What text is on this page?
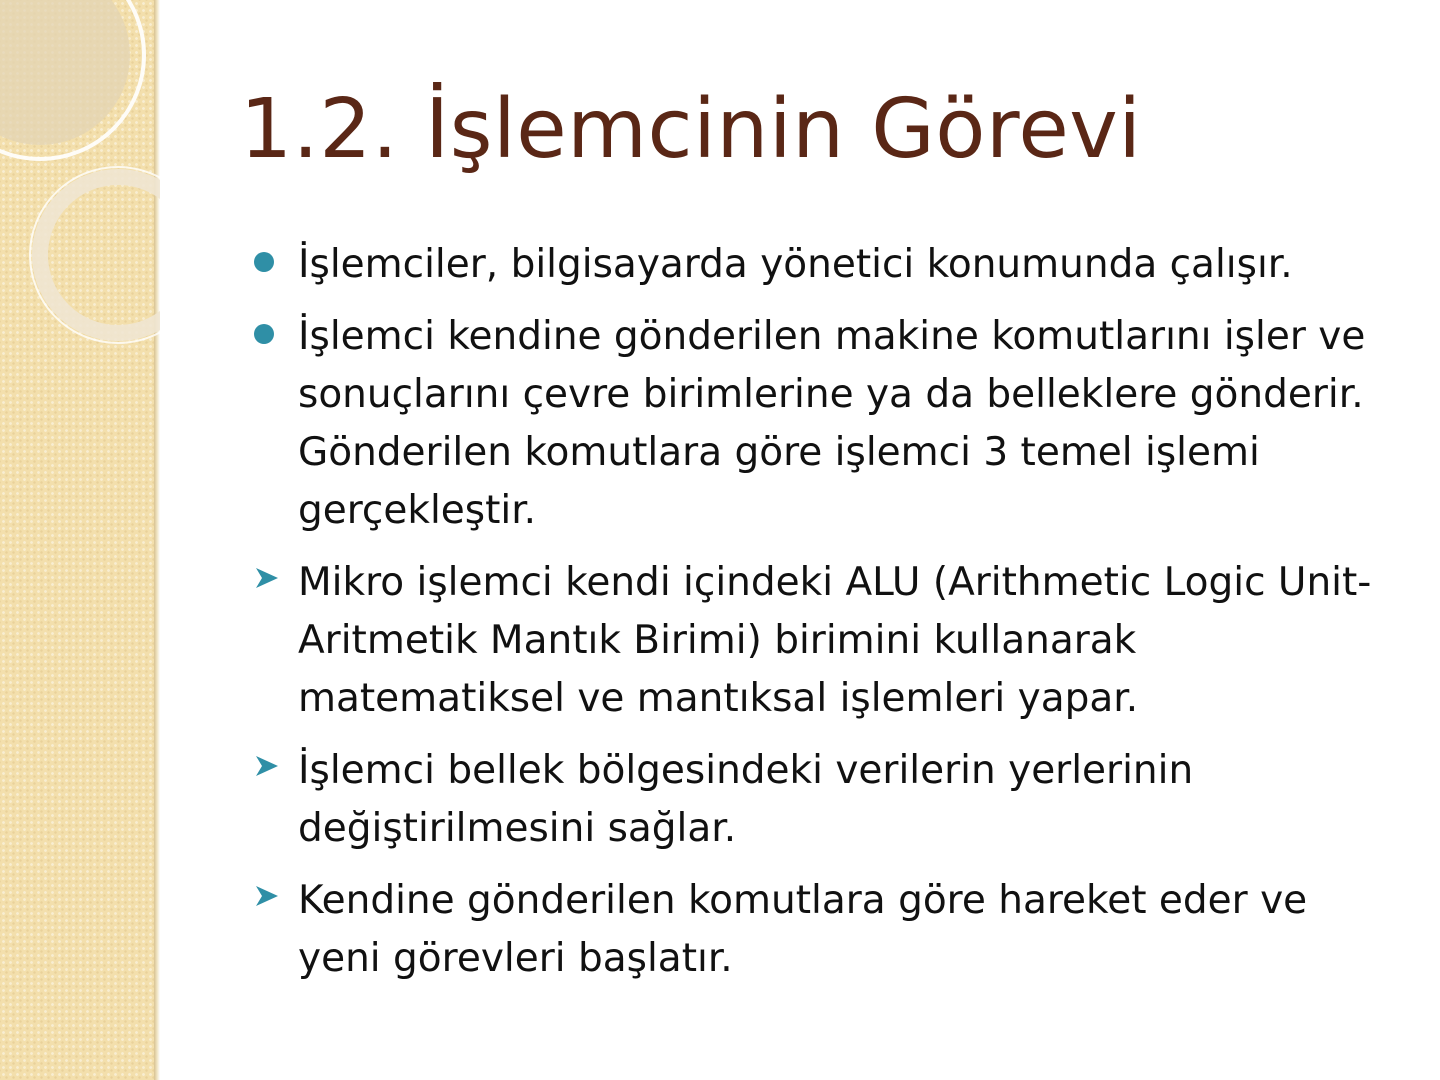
1.2. İşlemcinin Görevi
İşlemciler, bilgisayarda yönetici konumunda çalışır.
İşlemci kendine gönderilen makine komutlarını işler ve sonuçlarını çevre birimlerine ya da belleklere gönderir. Gönderilen komutlara göre işlemci 3 temel işlemi gerçekleştir.
Mikro işlemci kendi içindeki ALU (Arithmetic Logic Unit-Aritmetik Mantık Birimi) birimini kullanarak matematiksel ve mantıksal işlemleri yapar.
İşlemci bellek bölgesindeki verilerin yerlerinin değiştirilmesini sağlar.
Kendine gönderilen komutlara göre hareket eder ve yeni görevleri başlatır.
